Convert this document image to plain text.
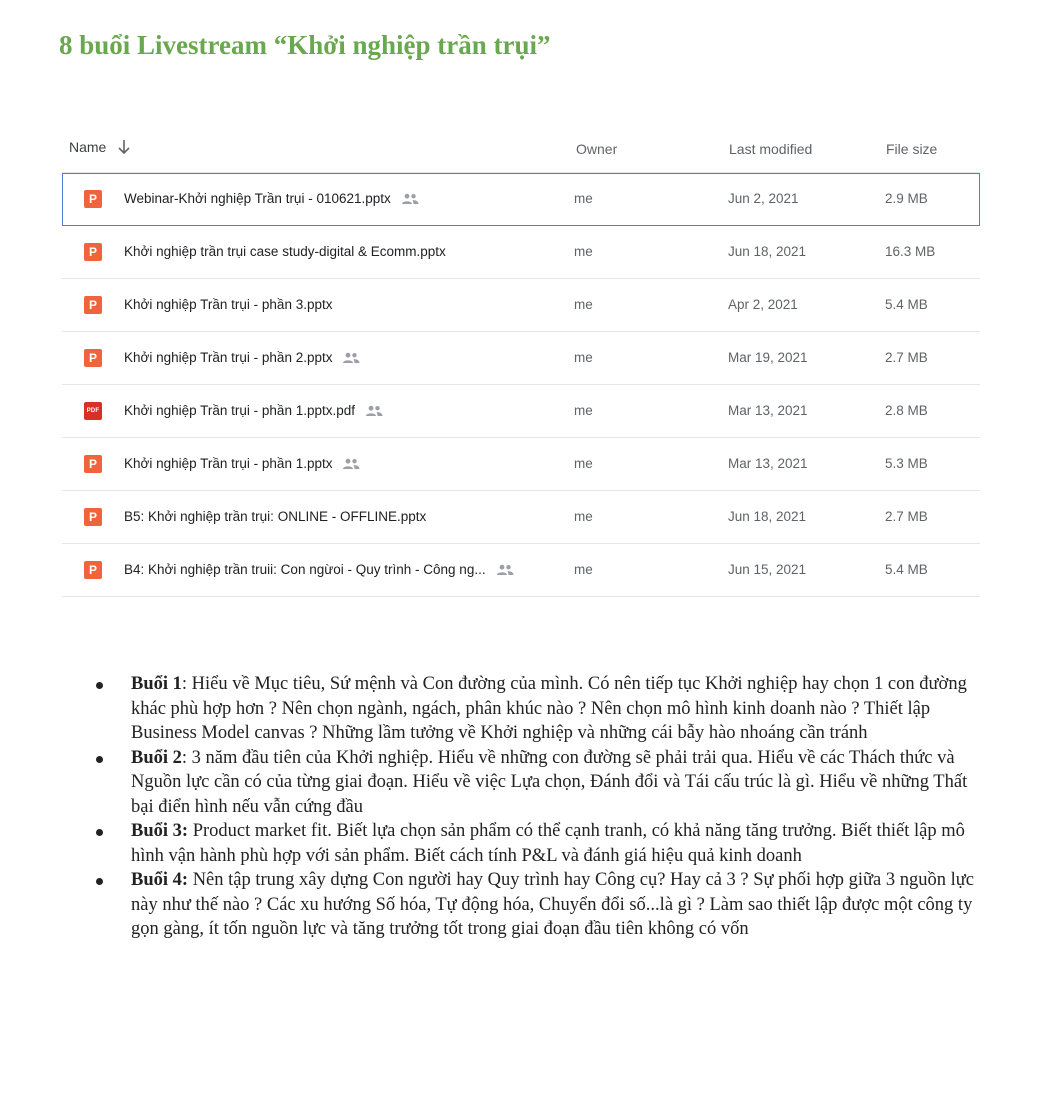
8 buổi Livestream “Khởi nghiệp trần trụi”
Name	Owner	Last modified	File size
P	Webinar-Khởi nghiệp Trần trụi - 010621.pptx	me	Jun 2, 2021	2.9 MB
P	Khởi nghiệp trần trụi case study-digital & Ecomm.pptx	me	Jun 18, 2021	16.3 MB
P	Khởi nghiệp Trần trụi - phần 3.pptx	me	Apr 2, 2021	5.4 MB
P	Khởi nghiệp Trần trụi - phần 2.pptx	me	Mar 19, 2021	2.7 MB
PDF Khởi nghiệp Trần trụi - phần 1.pptx.pdf	me	Mar 13, 2021	2.8 MB
P	Khởi nghiệp Trần trụi - phần 1.pptx	me	Mar 13, 2021	5.3 MB
P	B5: Khởi nghiệp trần trụi: ONLINE - OFFLINE.pptx	me	Jun 18, 2021	2.7 MB
P	B4: Khởi nghiệp trần truii: Con ngừoi - Quy trình - Công ng...	me	Jun 15, 2021	5.4 MB
Buổi 1: Hiểu về Mục tiêu, Sứ mệnh và Con đường của mình. Có nên tiếp tục Khởi nghiệp hay chọn 1 con đường khác phù hợp hơn ? Nên chọn ngành, ngách, phân khúc nào ? Nên chọn mô hình kinh doanh nào ? Thiết lập Business Model canvas ? Những lầm tưởng về Khởi nghiệp và những cái bẫy hào nhoáng cần tránh
Buổi 2: 3 năm đầu tiên của Khởi nghiệp. Hiểu về những con đường sẽ phải trải qua. Hiểu về các Thách thức và Nguồn lực cần có của từng giai đoạn. Hiểu về việc Lựa chọn, Đánh đổi và Tái cấu trúc là gì. Hiểu về những Thất bại điển hình nếu vẫn cứng đầu
Buổi 3: Product market fit. Biết lựa chọn sản phẩm có thể cạnh tranh, có khả năng tăng trưởng. Biết thiết lập mô hình vận hành phù hợp với sản phẩm. Biết cách tính P&L và đánh giá hiệu quả kinh doanh
Buổi 4: Nên tập trung xây dựng Con người hay Quy trình hay Công cụ? Hay cả 3 ? Sự phối hợp giữa 3 nguồn lực này như thế nào ? Các xu hướng Số hóa, Tự động hóa, Chuyển đổi số...là gì ? Làm sao thiết lập được một công ty gọn gàng, ít tốn nguồn lực và tăng trưởng tốt trong giai đoạn đầu tiên không có vốn
